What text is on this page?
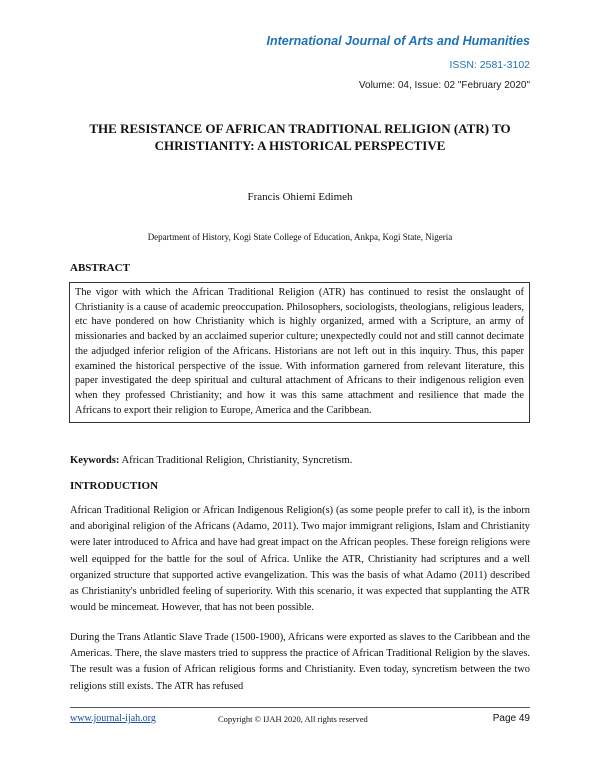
International Journal of Arts and Humanities
ISSN: 2581-3102
Volume: 04, Issue: 02 "February 2020"
THE RESISTANCE OF AFRICAN TRADITIONAL RELIGION (ATR) TO CHRISTIANITY: A HISTORICAL PERSPECTIVE
Francis Ohiemi Edimeh
Department of History, Kogi State College of Education, Ankpa, Kogi State, Nigeria
ABSTRACT
The vigor with which the African Traditional Religion (ATR) has continued to resist the onslaught of Christianity is a cause of academic preoccupation. Philosophers, sociologists, theologians, religious leaders, etc have pondered on how Christianity which is highly organized, armed with a Scripture, an army of missionaries and backed by an acclaimed superior culture; unexpectedly could not and still cannot decimate the adjudged inferior religion of the Africans. Historians are not left out in this inquiry. Thus, this paper examined the historical perspective of the issue. With information garnered from relevant literature, this paper investigated the deep spiritual and cultural attachment of Africans to their indigenous religion even when they professed Christianity; and how it was this same attachment and resilience that made the Africans to export their religion to Europe, America and the Caribbean.
Keywords: African Traditional Religion, Christianity, Syncretism.
INTRODUCTION
African Traditional Religion or African Indigenous Religion(s) (as some people prefer to call it), is the inborn and aboriginal religion of the Africans (Adamo, 2011). Two major immigrant religions, Islam and Christianity were later introduced to Africa and have had great impact on the African peoples. These foreign religions were well equipped for the battle for the soul of Africa. Unlike the ATR, Christianity had scriptures and a well organized structure that supported active evangelization. This was the basis of what Adamo (2011) described as Christianity's unbridled feeling of superiority. With this scenario, it was expected that supplanting the ATR would be mincemeat. However, that has not been possible.
During the Trans Atlantic Slave Trade (1500-1900), Africans were exported as slaves to the Caribbean and the Americas. There, the slave masters tried to suppress the practice of African Traditional Religion by the slaves. The result was a fusion of African religious forms and Christianity. Even today, syncretism between the two religions still exists. The ATR has refused
www.journal-ijah.org	Copyright © IJAH 2020, All rights reserved	Page 49
